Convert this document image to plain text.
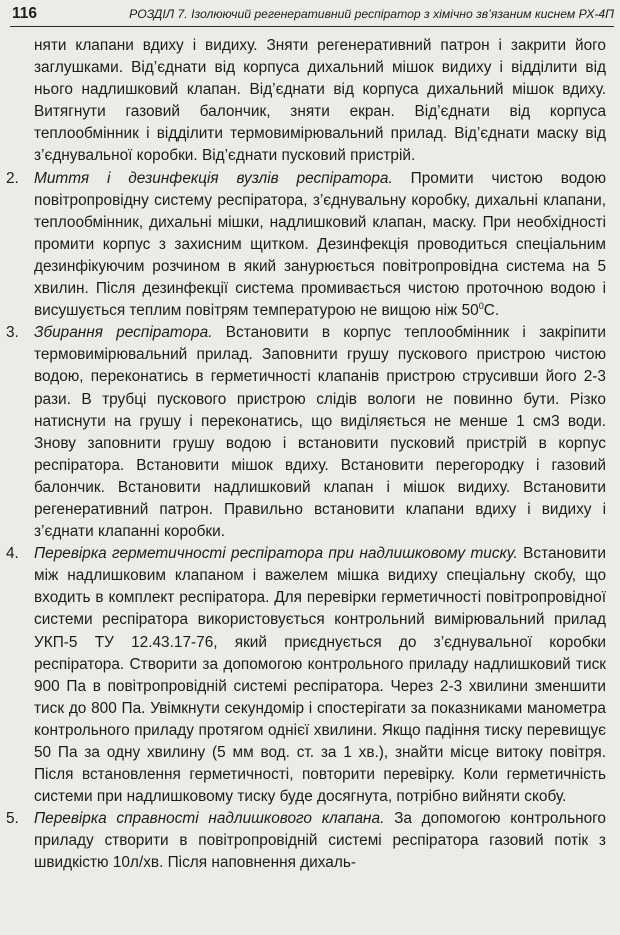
116	РОЗДІЛ 7. Ізолюючий регенеративний респіратор з хімічно зв’язаним киснем РХ-4П

няти клапани вдиху і видиху. Зняти регенеративний патрон і закрити його заглушками. Від’єднати від корпуса дихальний мішок видиху і відділити від нього надлишковий клапан. Від’єднати від корпуса дихальний мішок вдиху. Витягнути газовий балончик, зняти екран. Від’єднати від корпуса теплообмінник і відділити термовимірювальний прилад. Від’єднати маску від з’єднувальної коробки. Від’єднати пусковий пристрій.

2. Миття і дезинфекція вузлів респіратора. Промити чистою водою повітропровідну систему респіратора, з’єднувальну коробку, дихальні клапани, теплообмінник, дихальні мішки, надлишковий клапан, маску. При необхідності промити корпус з захисним щитком. Дезинфекція проводиться спеціальним дезинфікуючим розчином в який занурюється повітропровідна система на 5 хвилин. Після дезинфекції система промивається чистою проточною водою і висушується теплим повітрям температурою не вищою ніж $50^0С$.
3. Збирання респіратора. Встановити в корпус теплообмінник і закріпити термовимірювальний прилад. Заповнити грушу пускового пристрою чистою водою, переконатись в герметичності клапанів пристрою струсивши його 2-3 рази. В трубці пускового пристрою слідів вологи не повинно бути. Різко натиснути на грушу і переконатись, що виділяється не менше 1 см3 води. Знову заповнити грушу водою і встановити пусковий пристрій в корпус респіратора. Встановити мішок вдиху. Встановити перегородку і газовий балончик. Встановити надлишковий клапан і мішок видиху. Встановити регенеративний патрон. Правильно встановити клапани вдиху і видиху і з’єднати клапанні коробки.
4. Перевірка герметичності респіратора при надлишковому тиску. Встановити між надлишковим клапаном і важелем мішка видиху спеціальну скобу, що входить в комплект респіратора. Для перевірки герметичності повітропровідної системи респіратора використовується контрольний вимірювальний прилад УКП-5 ТУ 12.43.17-76, який приєднується до з’єднувальної коробки респіратора. Створити за допомогою контрольного приладу надлишковий тиск 900 Па в повітропровідній системі респіратора. Через 2-3 хвилини зменшити тиск до 800 Па. Увімкнути секундомір і спостерігати за показниками манометра контрольного приладу протягом однієї хвилини. Якщо падіння тиску перевищує 50 Па за одну хвилину (5 мм вод. ст. за 1 хв.), знайти місце витоку повітря. Після встановлення герметичності, повторити перевірку. Коли герметичність системи при надлишковому тиску буде досягнута, потрібно вийняти скобу.
5. Перевірка справності надлишкового клапана. За допомогою контрольного приладу створити в повітропровідній системі респіратора газовий потік з швидкістю 10л/хв. Після наповнення дихаль-
